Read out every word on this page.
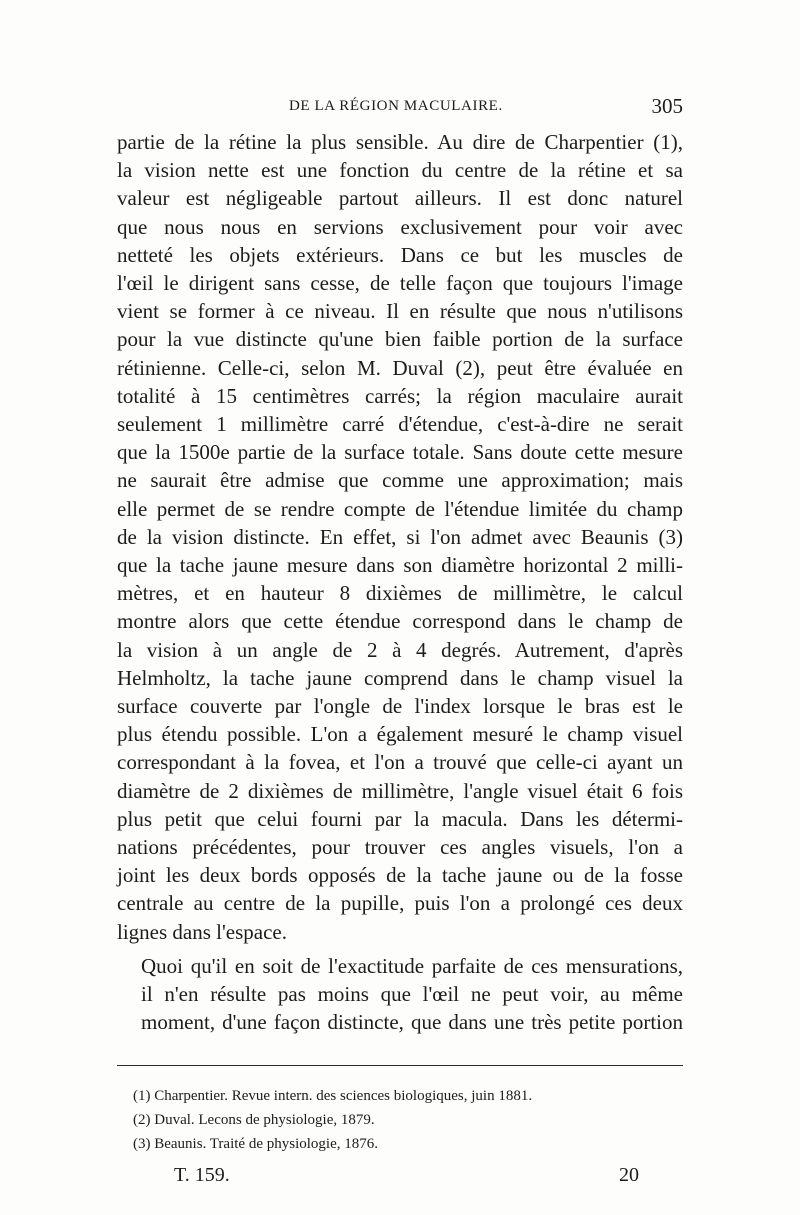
DE LA RÉGION MACULAIRE.	305

partie de la rétine la plus sensible. Au dire de Charpentier (1),
la vision nette est une fonction du centre de la rétine et sa
valeur est négligeable partout ailleurs. Il est donc naturel
que nous nous en servions exclusivement pour voir avec
netteté les objets extérieurs. Dans ce but les muscles de
l'œil le dirigent sans cesse, de telle façon que toujours l'image
vient se former à ce niveau. Il en résulte que nous n'utilisons
pour la vue distincte qu'une bien faible portion de la surface
rétinienne. Celle-ci, selon M. Duval (2), peut être évaluée en
totalité à 15 centimètres carrés; la région maculaire aurait
seulement 1 millimètre carré d'étendue, c'est-à-dire ne serait
que la 1500e partie de la surface totale. Sans doute cette mesure
ne saurait être admise que comme une approximation; mais
elle permet de se rendre compte de l'étendue limitée du champ
de la vision distincte. En effet, si l'on admet avec Beaunis (3)
que la tache jaune mesure dans son diamètre horizontal 2 milli-
mètres, et en hauteur 8 dixièmes de millimètre, le calcul
montre alors que cette étendue correspond dans le champ de
la vision à un angle de 2 à 4 degrés. Autrement, d'après
Helmholtz, la tache jaune comprend dans le champ visuel la
surface couverte par l'ongle de l'index lorsque le bras est le
plus étendu possible. L'on a également mesuré le champ visuel
correspondant à la fovea, et l'on a trouvé que celle-ci ayant un
diamètre de 2 dixièmes de millimètre, l'angle visuel était 6 fois
plus petit que celui fourni par la macula. Dans les détermi-
nations précédentes, pour trouver ces angles visuels, l'on a
joint les deux bords opposés de la tache jaune ou de la fosse
centrale au centre de la pupille, puis l'on a prolongé ces deux
lignes dans l'espace.

Quoi qu'il en soit de l'exactitude parfaite de ces mensurations,
il n'en résulte pas moins que l'œil ne peut voir, au même
moment, d'une façon distincte, que dans une très petite portion

(1) Charpentier. Revue intern. des sciences biologiques, juin 1881.
(2) Duval. Lecons de physiologie, 1879.
(3) Beaunis. Traité de physiologie, 1876.
T. 159.	20
